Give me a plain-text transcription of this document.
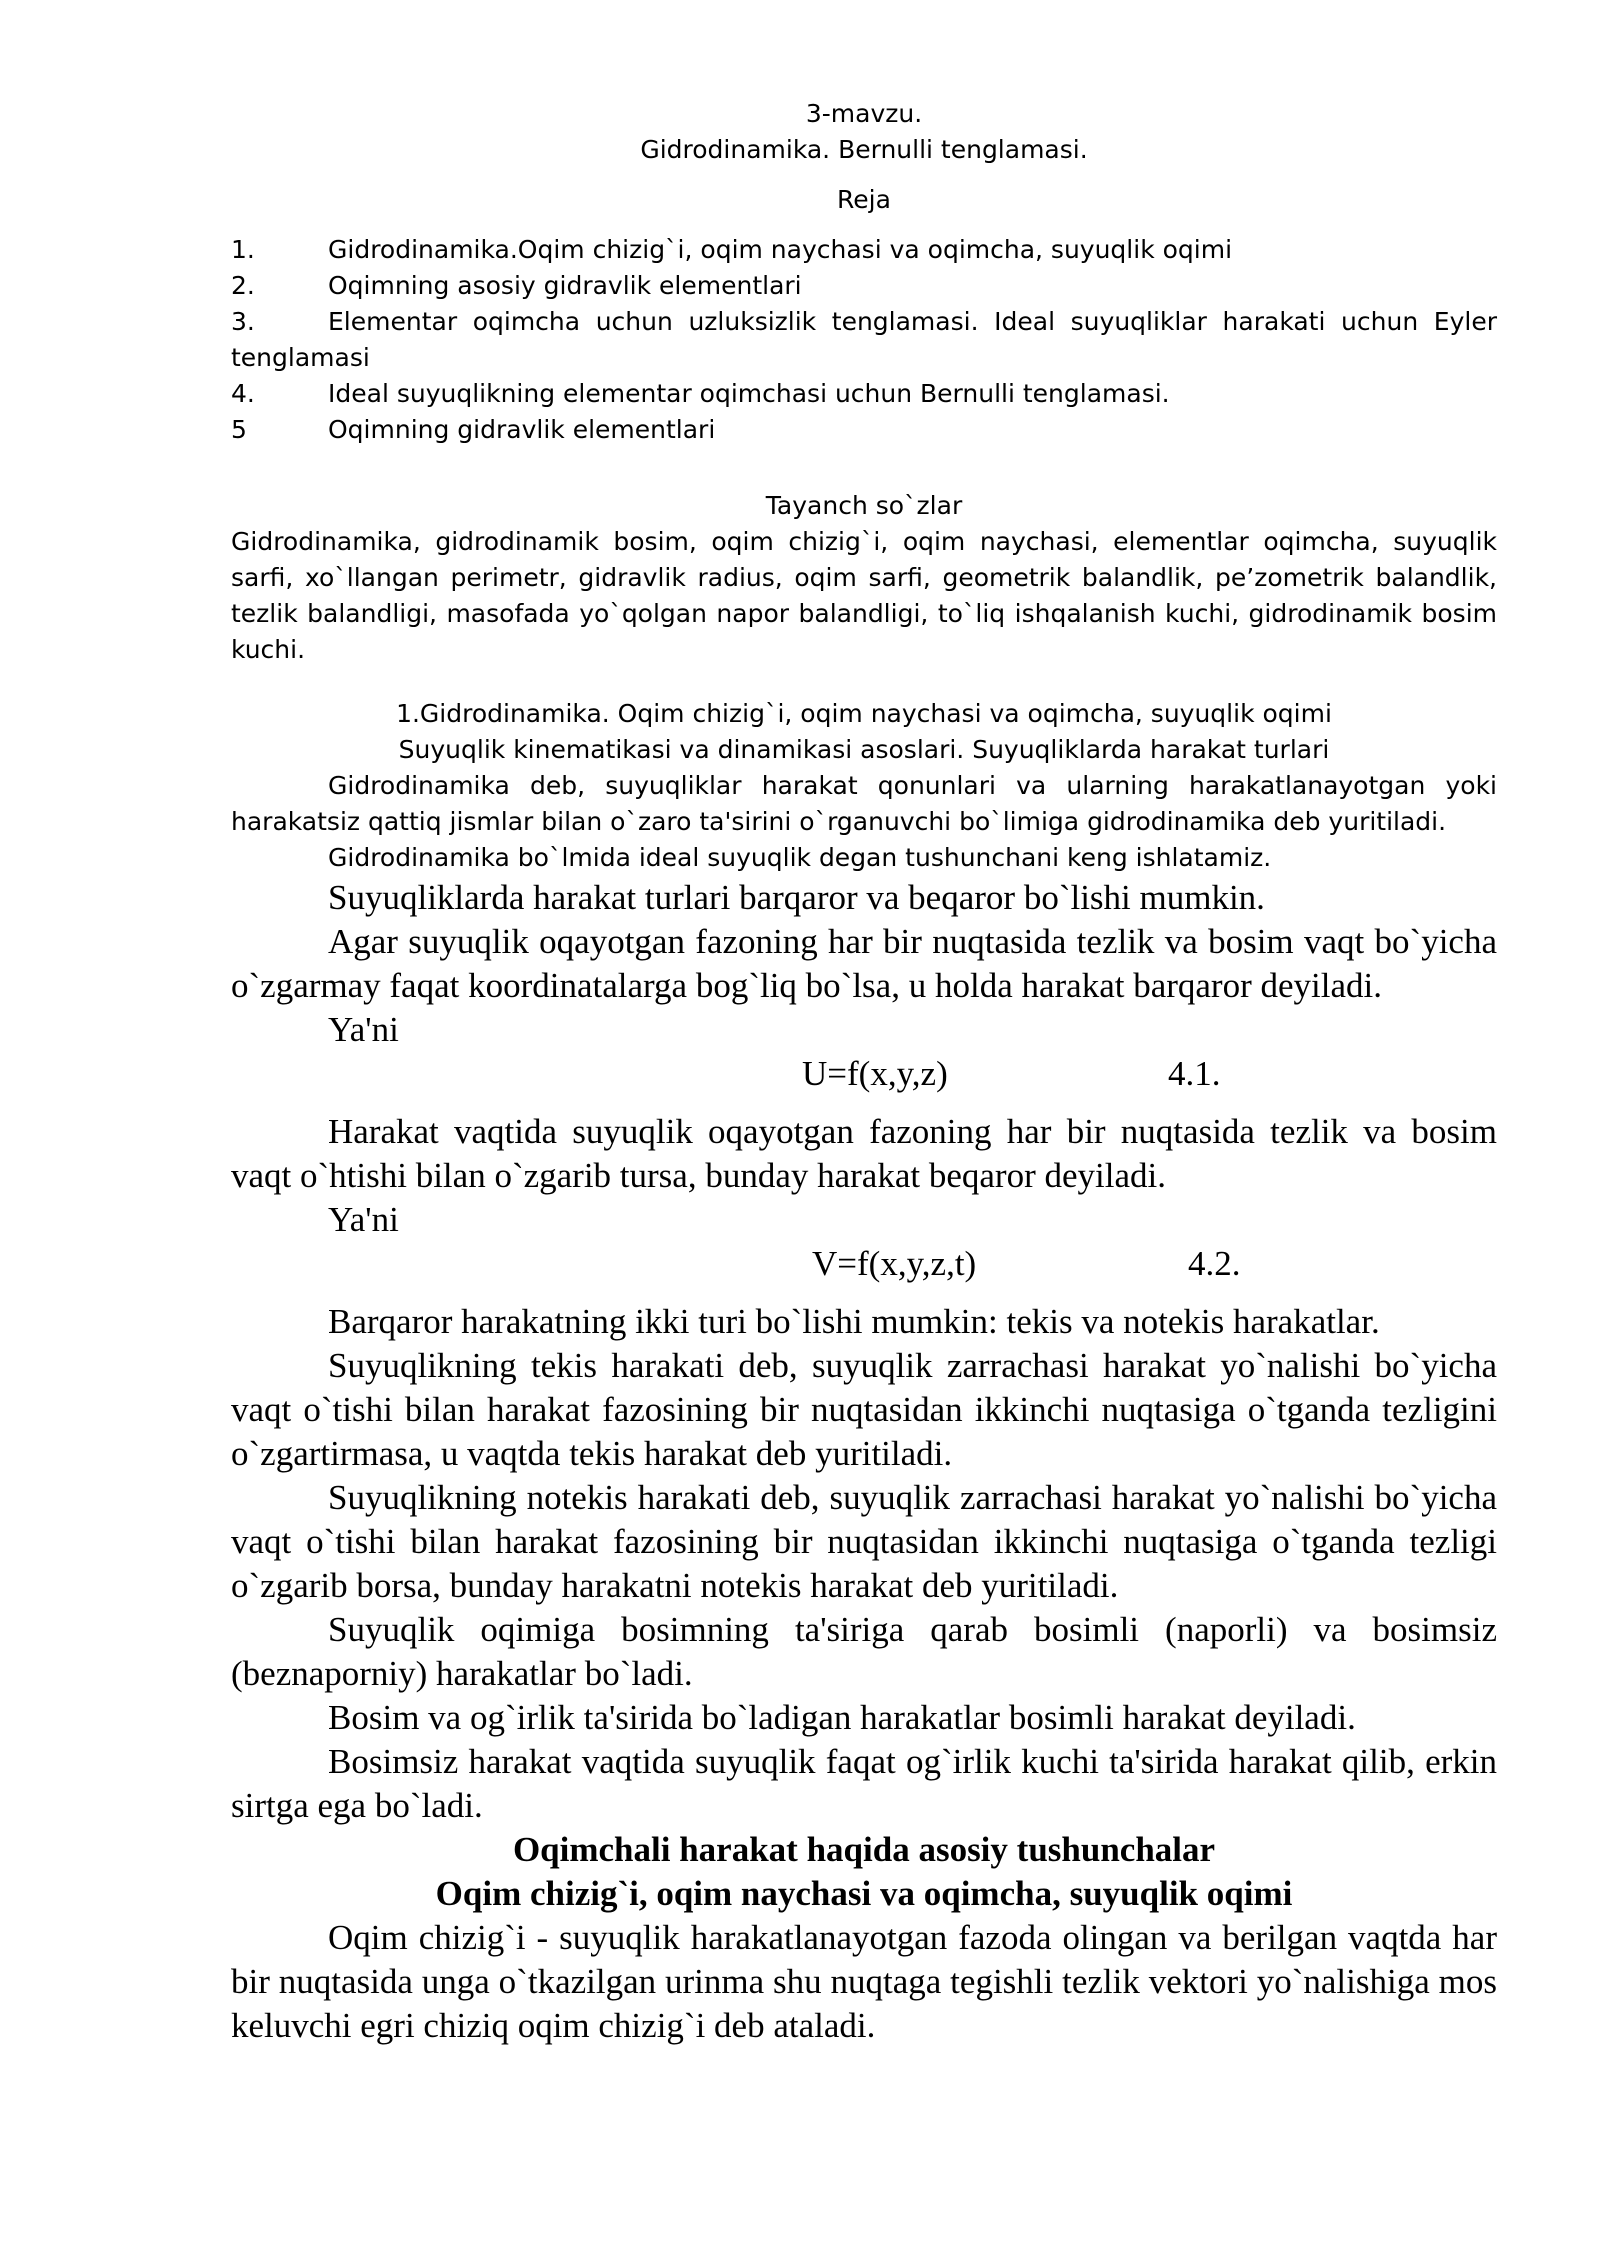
3-mavzu.

Gidrodinamika. Bernulli tenglamasi.

Reja

1.	Gidrodinamika.Oqim chizig`i, oqim naychasi va oqimcha, suyuqlik oqimi
2.	Oqimning asosiy gidravlik elementlari
3.	Elementar oqimcha uchun uzluksizlik tenglamasi. Ideal suyuqliklar harakati uchun Eyler

tenglamasi

4.	Ideal suyuqlikning elementar oqimchasi uchun Bernulli tenglamasi.
5	Oqimning gidravlik elementlari

Tayanch so`zlar

Gidrodinamika, gidrodinamik bosim, oqim chizig`i, oqim naychasi, elementlar oqimcha, suyuqlik sarfi, xo`llangan perimetr, gidravlik radius, oqim sarfi, geometrik balandlik, pe’zometrik balandlik, tezlik balandligi, masofada yo`qolgan napor balandligi, to`liq ishqalanish kuchi, gidrodinamik bosim kuchi.

1.Gidrodinamika. Oqim chizig`i, oqim naychasi va oqimcha, suyuqlik oqimi

Suyuqlik kinematikasi va dinamikasi asoslari. Suyuqliklarda harakat turlari

Gidrodinamika deb, suyuqliklar harakat qonunlari va ularning harakatlanayotgan yoki harakatsiz qattiq jismlar bilan o`zaro ta'sirini o`rganuvchi bo`limiga gidrodinamika deb yuritiladi.

Gidrodinamika bo`lmida ideal suyuqlik degan tushunchani keng ishlatamiz.

Suyuqliklarda harakat turlari barqaror va beqaror bo`lishi mumkin.

Agar suyuqlik oqayotgan fazoning har bir nuqtasida tezlik va bosim vaqt bo`yicha o`zgarmay faqat koordinatalarga bog`liq bo`lsa, u holda harakat barqaror deyiladi.

Ya'ni

U=f(x,y,z)	4.1.

Harakat vaqtida suyuqlik oqayotgan fazoning har bir nuqtasida tezlik va bosim vaqt o`htishi bilan o`zgarib tursa, bunday harakat beqaror deyiladi.

Ya'ni

V=f(x,y,z,t)	4.2.

Barqaror harakatning ikki turi bo`lishi mumkin: tekis va notekis harakatlar.

Suyuqlikning tekis harakati deb, suyuqlik zarrachasi harakat yo`nalishi bo`yicha vaqt o`tishi bilan harakat fazosining bir nuqtasidan ikkinchi nuqtasiga o`tganda tezligini o`zgartirmasa, u vaqtda tekis harakat deb yuritiladi.

Suyuqlikning notekis harakati deb, suyuqlik zarrachasi harakat yo`nalishi bo`yicha vaqt o`tishi bilan harakat fazosining bir nuqtasidan ikkinchi nuqtasiga o`tganda tezligi o`zgarib borsa, bunday harakatni notekis harakat deb yuritiladi.

Suyuqlik oqimiga bosimning ta'siriga qarab bosimli (naporli) va bosimsiz (beznaporniy) harakatlar bo`ladi.

Bosim va og`irlik ta'sirida bo`ladigan harakatlar bosimli harakat deyiladi.

Bosimsiz harakat vaqtida suyuqlik faqat og`irlik kuchi ta'sirida harakat qilib, erkin sirtga ega bo`ladi.

Oqimchali harakat haqida asosiy tushunchalar

Oqim chizig`i, oqim naychasi va oqimcha, suyuqlik oqimi

Oqim chizig`i - suyuqlik harakatlanayotgan fazoda olingan va berilgan vaqtda har bir nuqtasida unga o`tkazilgan urinma shu nuqtaga tegishli tezlik vektori yo`nalishiga mos keluvchi egri chiziq oqim chizig`i deb ataladi.
